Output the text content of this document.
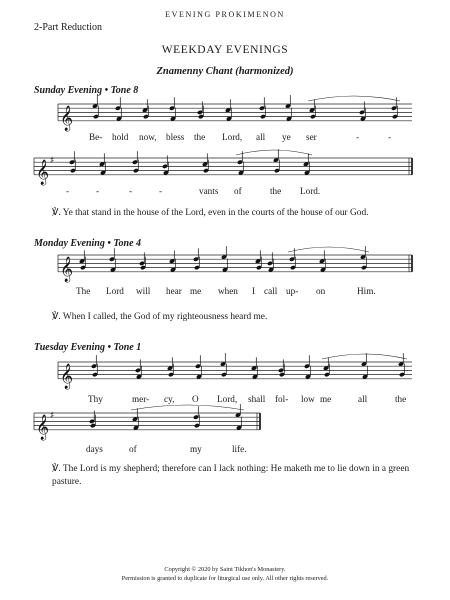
2-Part Reduction
EVENING PROKIMENON
WEEKDAY EVENINGS
Znamenny Chant (harmonized)
Sunday Evening • Tone 8
Monday Evening • Tone 4
Tuesday Evening • Tone 1
𝄞
𝄞 ♯
𝄞
𝄞
𝄞 ♯
Be- hold now, bless the Lord, all ye ser	-	-
-	-	-	-	vants of	the Lord.
The Lord will hear me when I call up- on	Him.
Thy	mer- cy, O Lord, shall fol- low me	all	the
days	of	my	life.
℣. Ye that stand in the house of the Lord, even in the courts of the house of our God.
℣. When I called, the God of my righteousness heard me.
℣. The Lord is my shepherd; therefore can I lack nothing: He maketh me to lie down in a green pasture.
Copyright © 2020 by Saint Tikhon's Monastery.
Permission is granted to duplicate for liturgical use only. All other rights reserved.
